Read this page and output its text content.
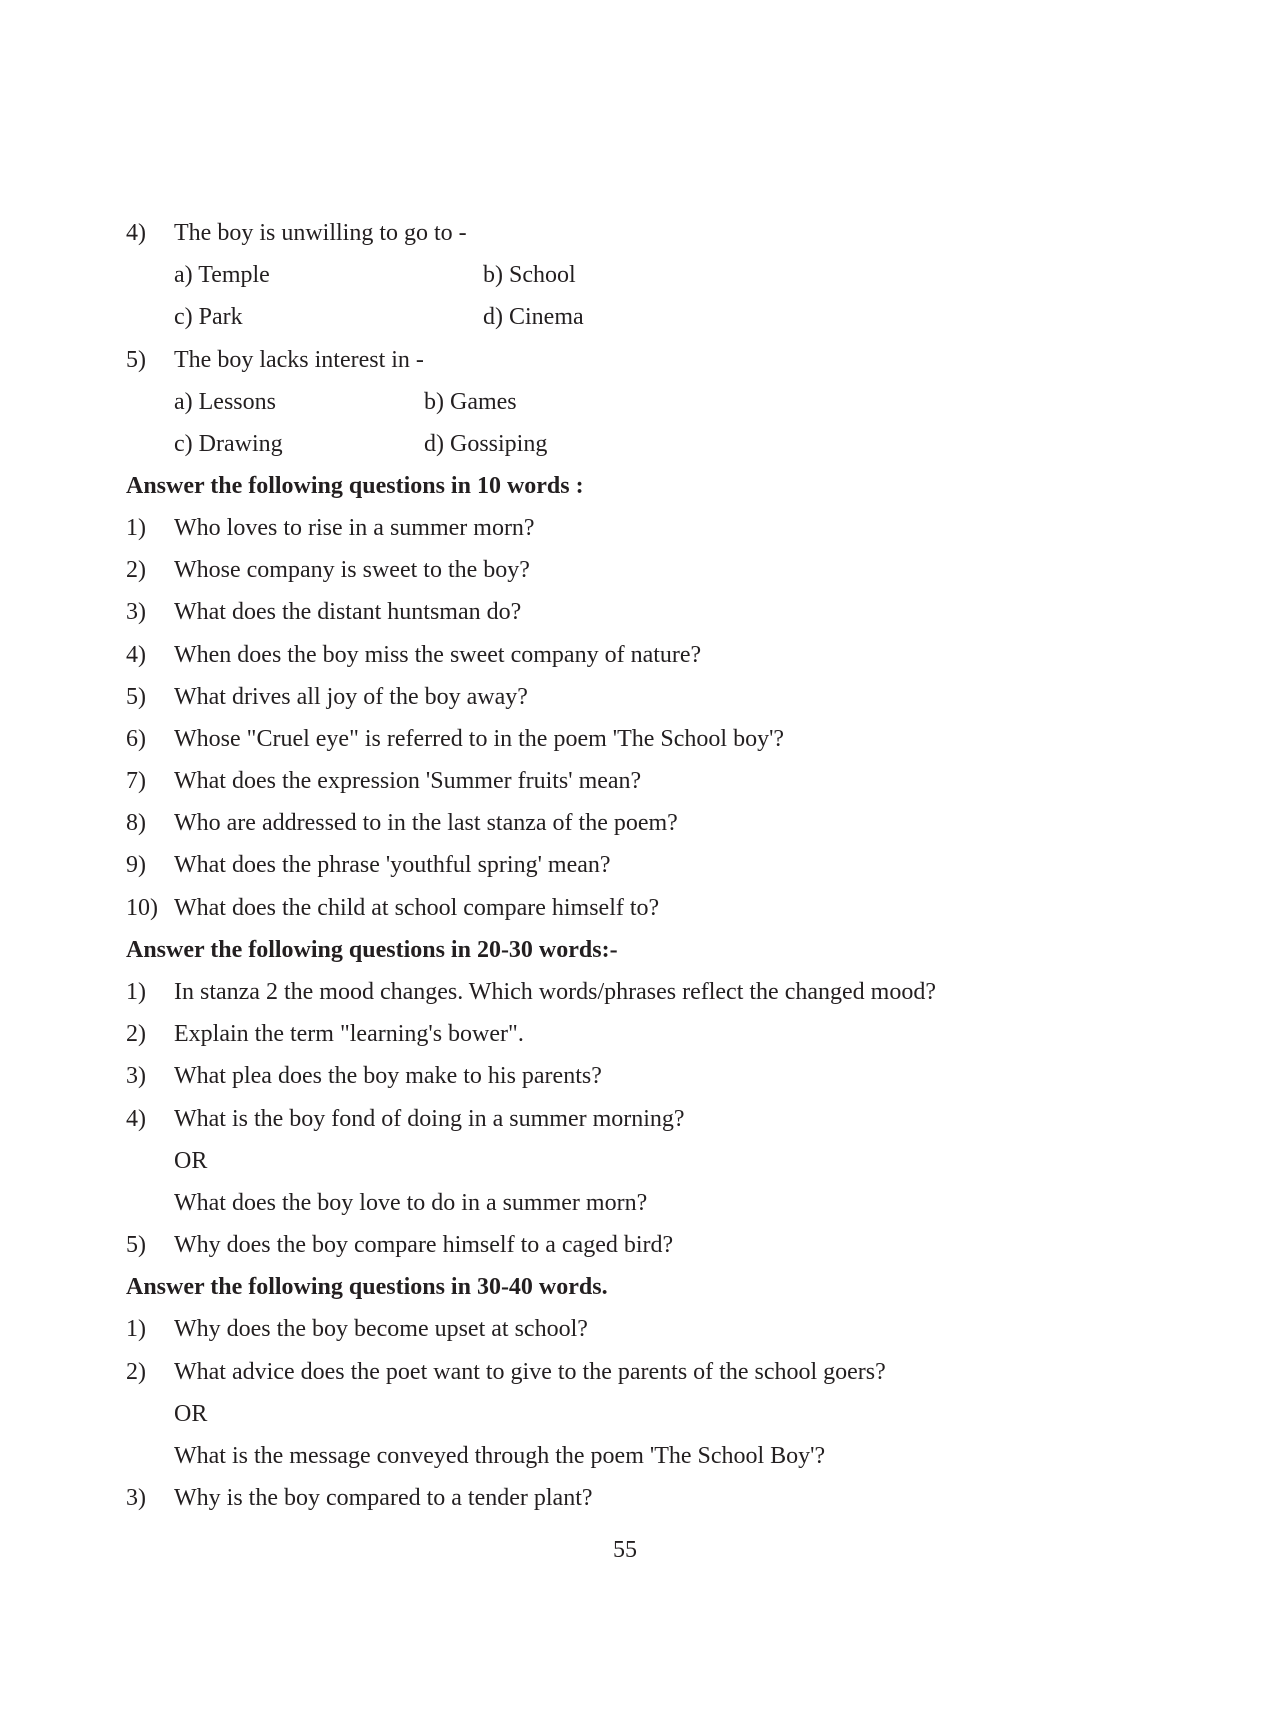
4) The boy is unwilling to go to -
a) Temple	b) School
c) Park	d) Cinema
5) The boy lacks interest in -
a) Lessons	b) Games
c) Drawing	d) Gossiping
Answer the following questions in 10 words :
1) Who loves to rise in a summer morn?
2) Whose company is sweet to the boy?
3) What does the distant huntsman do?
4) When does the boy miss the sweet company of nature?
5) What drives all joy of the boy away?
6) Whose "Cruel eye" is referred to in the poem 'The School boy'?
7) What does the expression 'Summer fruits' mean?
8) Who are addressed to in the last stanza of the poem?
9) What does the phrase 'youthful spring' mean?
10) What does the child at school compare himself to?
Answer the following questions in 20-30 words:-
1) In stanza 2 the mood changes. Which words/phrases reflect the changed mood?
2) Explain the term "learning's bower".
3) What plea does the boy make to his parents?
4) What is the boy fond of doing in a summer morning?
OR
What does the boy love to do in a summer morn?
5) Why does the boy compare himself to a caged bird?
Answer the following questions in 30-40 words.
1) Why does the boy become upset at school?
2) What advice does the poet want to give to the parents of the school goers?
OR
What is the message conveyed through the poem 'The School Boy'?
3) Why is the boy compared to a tender plant?
55
